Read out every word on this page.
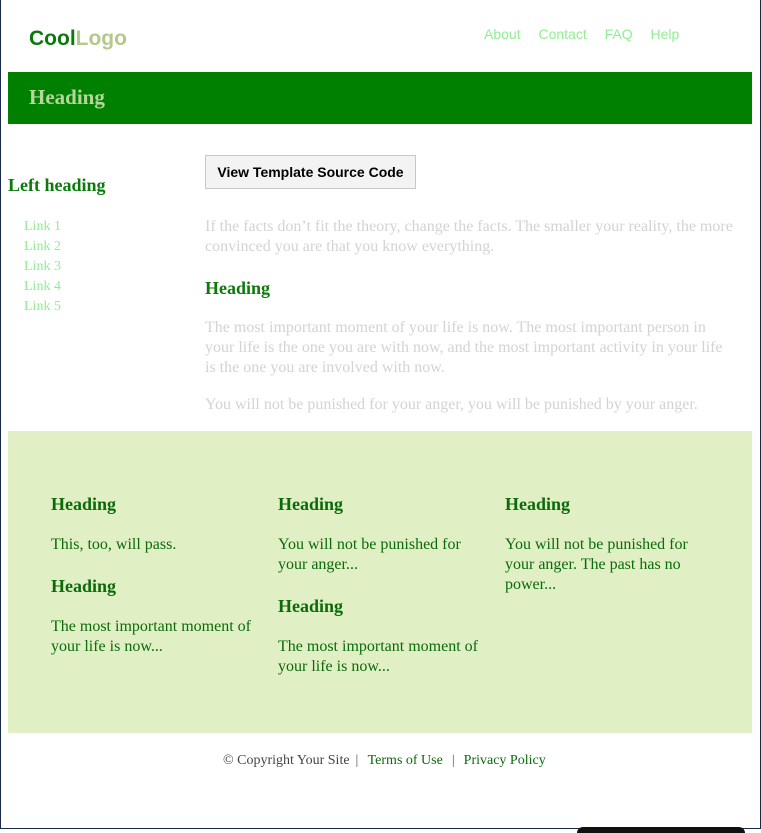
CoolLogo	About Contact FAQ Help
Heading
Left heading
Link 1
Link 2
Link 3
Link 4
Link 5
View Template Source Code

If the facts don’t fit the theory, change the facts. The smaller your reality, the more convinced you are that you know everything.

Heading

The most important moment of your life is now. The most important person in your life is the one you are with now, and the most important activity in your life is the one you are involved with now.

You will not be punished for your anger, you will be punished by your anger.

Heading

This, too, will pass.

Heading

The most important moment of your life is now...

Heading

You will not be punished for your anger...

Heading

The most important moment of your life is now...

Heading

You will not be punished for your anger. The past has no power...

© Copyright Your Site | Terms of Use | Privacy Policy
